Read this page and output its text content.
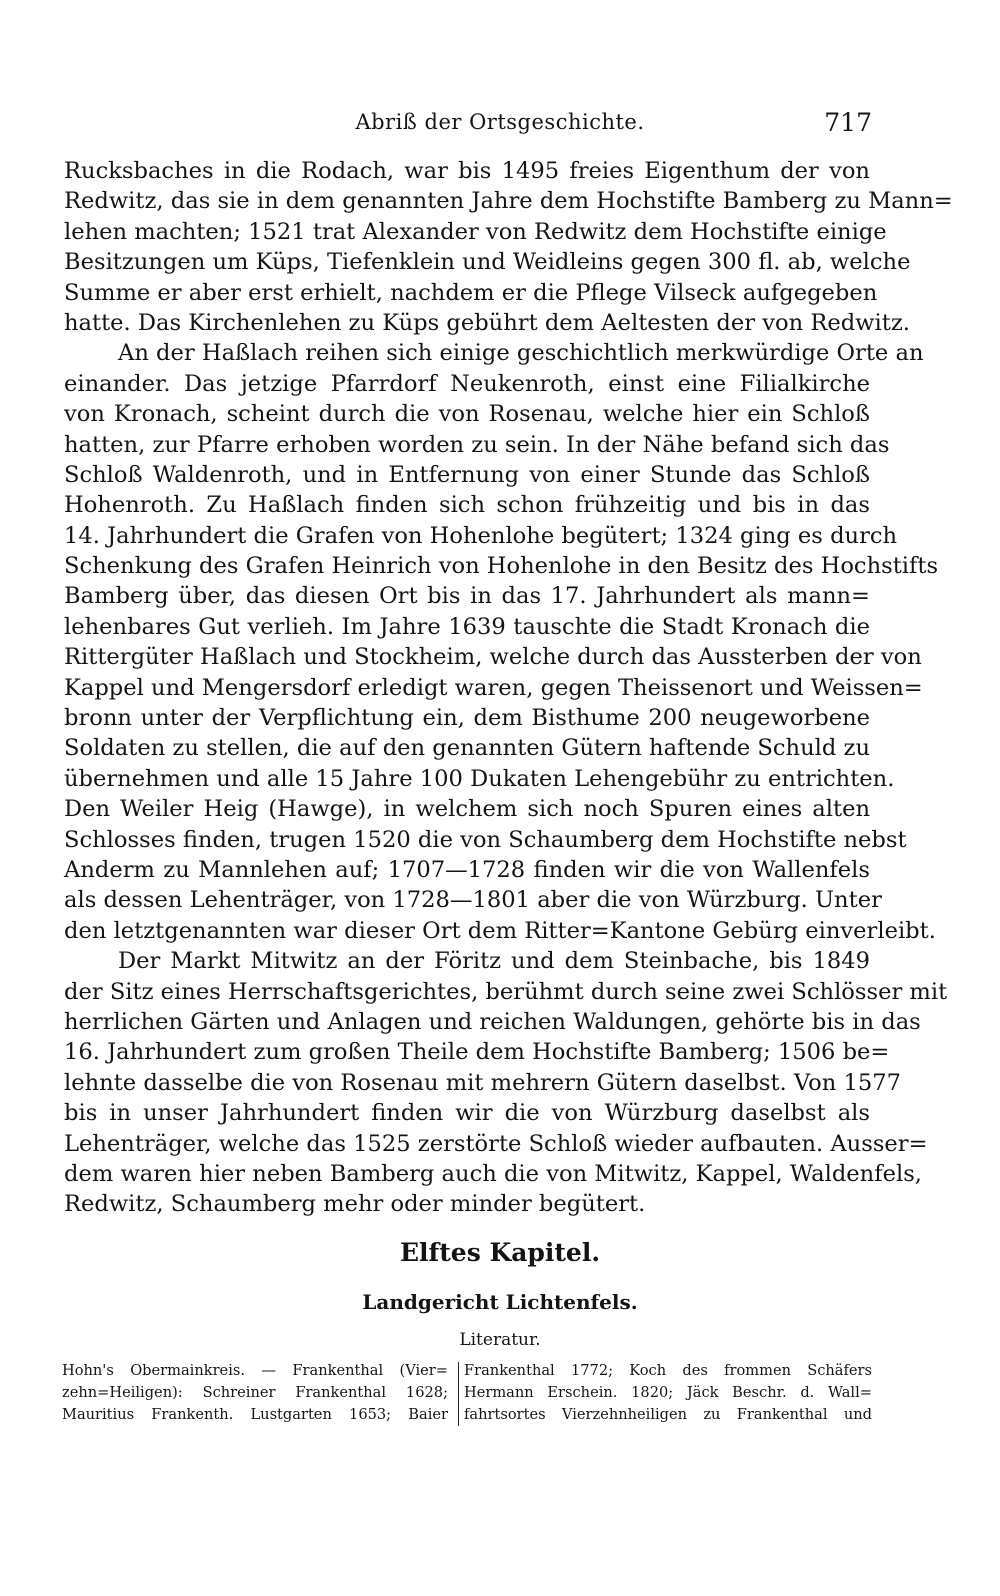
Abriß der Ortsgeschichte.	717
Rucksbaches in die Rodach, war bis 1495 freies Eigenthum der von
Redwitz, das sie in dem genannten Jahre dem Hochstifte Bamberg zu Mann=
lehen machten; 1521 trat Alexander von Redwitz dem Hochstifte einige
Besitzungen um Küps, Tiefenklein und Weidleins gegen 300 fl. ab, welche
Summe er aber erst erhielt, nachdem er die Pflege Vilseck aufgegeben
hatte. Das Kirchenlehen zu Küps gebührt dem Aeltesten der von Redwitz.
An der Haßlach reihen sich einige geschichtlich merkwürdige Orte an
einander. Das jetzige Pfarrdorf Neukenroth, einst eine Filialkirche
von Kronach, scheint durch die von Rosenau, welche hier ein Schloß
hatten, zur Pfarre erhoben worden zu sein. In der Nähe befand sich das
Schloß Waldenroth, und in Entfernung von einer Stunde das Schloß
Hohenroth. Zu Haßlach finden sich schon frühzeitig und bis in das
14. Jahrhundert die Grafen von Hohenlohe begütert; 1324 ging es durch
Schenkung des Grafen Heinrich von Hohenlohe in den Besitz des Hochstifts
Bamberg über, das diesen Ort bis in das 17. Jahrhundert als mann=
lehenbares Gut verlieh. Im Jahre 1639 tauschte die Stadt Kronach die
Rittergüter Haßlach und Stockheim, welche durch das Aussterben der von
Kappel und Mengersdorf erledigt waren, gegen Theissenort und Weissen=
bronn unter der Verpflichtung ein, dem Bisthume 200 neugeworbene
Soldaten zu stellen, die auf den genannten Gütern haftende Schuld zu
übernehmen und alle 15 Jahre 100 Dukaten Lehengebühr zu entrichten.
Den Weiler Heig (Hawge), in welchem sich noch Spuren eines alten
Schlosses finden, trugen 1520 die von Schaumberg dem Hochstifte nebst
Anderm zu Mannlehen auf; 1707—1728 finden wir die von Wallenfels
als dessen Lehenträger, von 1728—1801 aber die von Würzburg. Unter
den letztgenannten war dieser Ort dem Ritter=Kantone Gebürg einverleibt.
Der Markt Mitwitz an der Föritz und dem Steinbache, bis 1849
der Sitz eines Herrschaftsgerichtes, berühmt durch seine zwei Schlösser mit
herrlichen Gärten und Anlagen und reichen Waldungen, gehörte bis in das
16. Jahrhundert zum großen Theile dem Hochstifte Bamberg; 1506 be=
lehnte dasselbe die von Rosenau mit mehrern Gütern daselbst. Von 1577
bis in unser Jahrhundert finden wir die von Würzburg daselbst als
Lehenträger, welche das 1525 zerstörte Schloß wieder aufbauten. Ausser=
dem waren hier neben Bamberg auch die von Mitwitz, Kappel, Waldenfels,
Redwitz, Schaumberg mehr oder minder begütert.
Elftes Kapitel.
Landgericht Lichtenfels.
Literatur.
Hohn's Obermainkreis. — Frankenthal (Vier=
zehn=Heiligen): Schreiner Frankenthal 1628;
Mauritius Frankenth. Lustgarten 1653; Baier
Frankenthal 1772; Koch des frommen Schäfers
Hermann Erschein. 1820; Jäck Beschr. d. Wall=
fahrtsortes Vierzehnheiligen zu Frankenthal und
